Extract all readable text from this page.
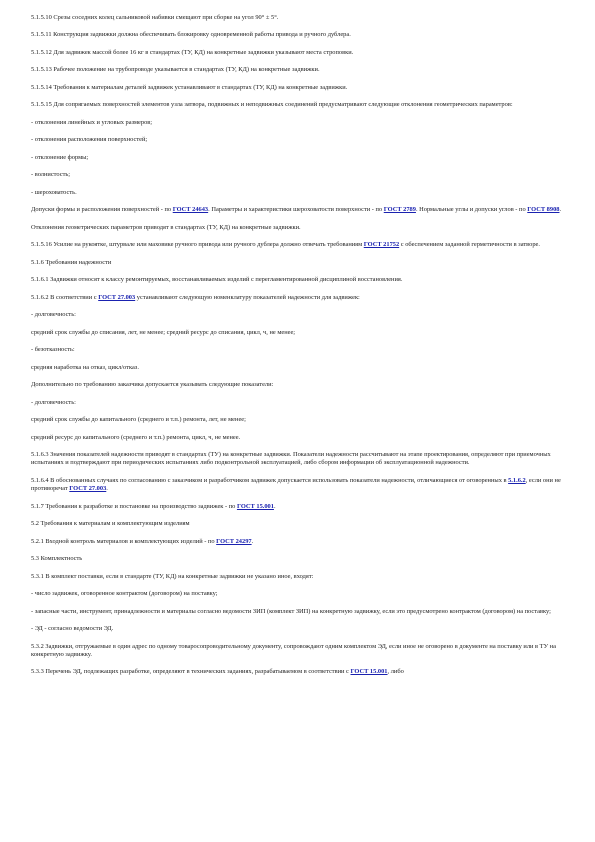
5.1.5.10 Срезы соседних колец сальниковой набивки смещают при сборке на угол 90° ± 5°.

5.1.5.11 Конструкция задвижки должна обеспечивать блокировку одновременной работы привода и ручного дублера.

5.1.5.12 Для задвижек массой более 16 кг в стандартах (ТУ, КД) на конкретные задвижки указывают места строповки.

5.1.5.13 Рабочее положение на трубопроводе указывается в стандартах (ТУ, КД) на конкретные задвижки.

5.1.5.14 Требования к материалам деталей задвижек устанавливают в стандартах (ТУ, КД) на конкретные задвижки.

5.1.5.15 Для сопрягаемых поверхностей элементов узла затвора, подвижных и неподвижных соединений предусматривают следующие отклонения геометрических параметров:

- отклонения линейных и угловых размеров;

- отклонения расположения поверхностей;

- отклонение формы;

- волнистость;

- шероховатость.

Допуски формы и расположения поверхностей - по ГОСТ 24643. Параметры и характеристики шероховатости поверхности - по ГОСТ 2789. Нормальные углы и допуски углов - по ГОСТ 8908.

Отклонения геометрических параметров приводят в стандартах (ТУ, КД) на конкретные задвижки.

5.1.5.16 Усилие на рукоятке, штурвале или маховике ручного привода или ручного дублера должно отвечать требованиям ГОСТ 21752 с обеспечением заданной герметичности в затворе.

5.1.6 Требования надежности

5.1.6.1 Задвижки относят к классу ремонтируемых, восстанавливаемых изделий с перегламентированной дисциплиной восстановления.

5.1.6.2 В соответствии с ГОСТ 27.003 устанавливают следующую номенклатуру показателей надежности для задвижек:

- долговечность:

средний срок службы до списания, лет, не менее; средний ресурс до списания, цикл, ч, не менее;

- безотказность:

средняя наработка на отказ, цикл/отказ.

Дополнительно по требованию заказчика допускается указывать следующие показатели:

- долговечность:

средний срок службы до капитального (среднего и т.п.) ремонта, лет, не менее;

средний ресурс до капитального (среднего и т.п.) ремонта, цикл, ч, не менее.

5.1.6.3 Значения показателей надежности приводят в стандартах (ТУ) на конкретные задвижки. Показатели надежности рассчитывают на этапе проектирования, определяют при приемочных испытаниях и подтверждают при периодических испытаниях либо подконтрольной эксплуатацией, либо сбором информации об эксплуатационной надежности.

5.1.6.4 В обоснованных случаях по согласованию с заказчиком и разработчиком задвижек допускается использовать показатели надежности, отличающиеся от оговоренных в 5.1.6.2, если они не противоречат ГОСТ 27.003.

5.1.7 Требования к разработке и постановке на производство задвижек - по ГОСТ 15.001.

5.2 Требования к материалам и комплектующим изделиям

5.2.1 Входной контроль материалов и комплектующих изделий - по ГОСТ 24297.

5.3 Комплектность

5.3.1 В комплект поставки, если в стандарте (ТУ, КД) на конкретные задвижки не указано иное, входят:

- число задвижек, оговоренное контрактом (договором) на поставку;

- запасные части, инструмент, принадлежности и материалы согласно ведомости ЗИП (комплект ЗИП) на конкретную задвижку, если это предусмотрено контрактом (договором) на поставку;

- ЭД - согласно ведомости ЭД.

5.3.2 Задвижки, отгружаемые в один адрес по одному товаросопроводительному документу, сопровождают одним комплектом ЭД, если иное не оговорено в документе на поставку или в ТУ на конкретную задвижку.

5.3.3 Перечень ЭД, подлежащих разработке, определяют в технических заданиях, разрабатываемом в соответствии с ГОСТ 15.001, либо
